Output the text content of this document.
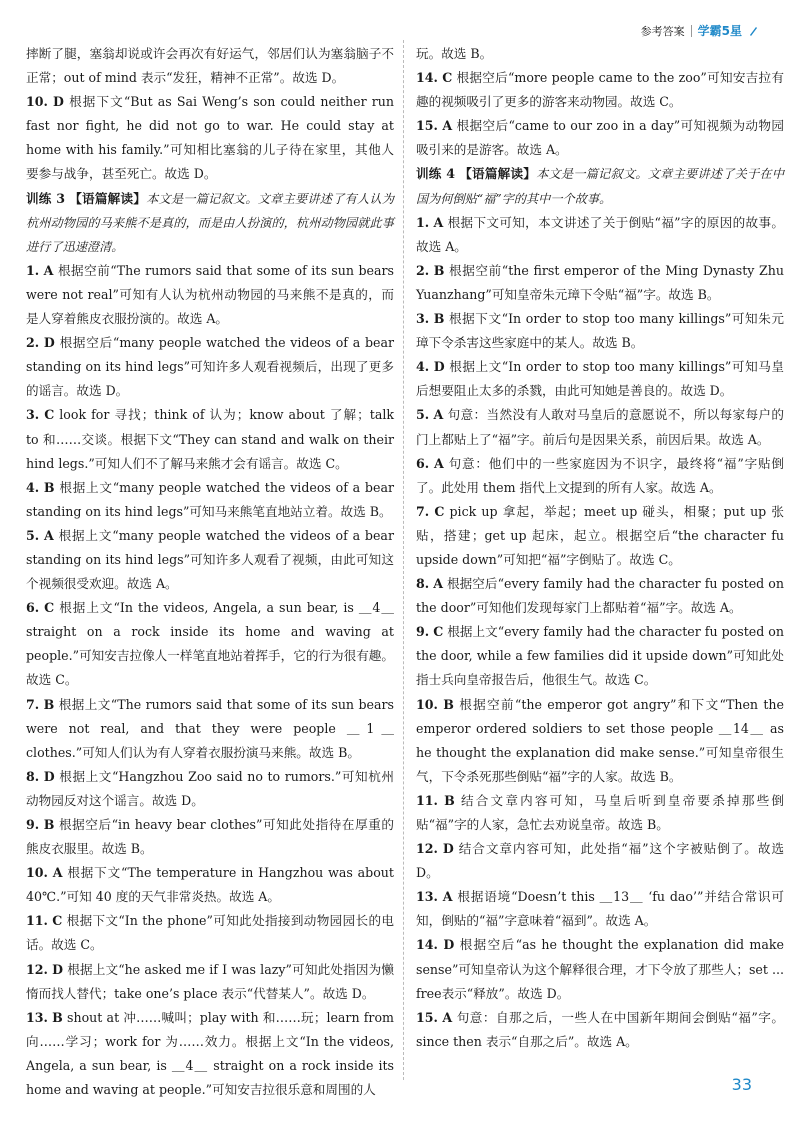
参考答案 学霸5星

摔断了腿，塞翁却说或许会再次有好运气，邻居们认为塞翁脑子不正常；out of mind 表示“发狂，精神不正常”。故选 D。

10. D 根据下文“But as Sai Weng’s son could neither run fast nor fight, he did not go to war. He could stay at home with his family.”可知相比塞翁的儿子待在家里，其他人要参与战争，甚至死亡。故选 D。

训练 3 【语篇解读】本文是一篇记叙文。文章主要讲述了有人认为杭州动物园的马来熊不是真的，而是由人扮演的，杭州动物园就此事进行了迅速澄清。

1. A 根据空前“The rumors said that some of its sun bears were not real”可知有人认为杭州动物园的马来熊不是真的，而是人穿着熊皮衣服扮演的。故选 A。

2. D 根据空后“many people watched the videos of a bear standing on its hind legs”可知许多人观看视频后，出现了更多的谣言。故选 D。

3. C look for 寻找；think of 认为；know about 了解；talk to 和……交谈。根据下文“They can stand and walk on their hind legs.”可知人们不了解马来熊才会有谣言。故选 C。

4. B 根据上文“many people watched the videos of a bear standing on its hind legs”可知马来熊笔直地站立着。故选 B。

5. A 根据上文“many people watched the videos of a bear standing on its hind legs”可知许多人观看了视频，由此可知这个视频很受欢迎。故选 A。

6. C 根据上文“In the videos, Angela, a sun bear, is ＿4＿ straight on a rock inside its home and waving at people.”可知安吉拉像人一样笔直地站着挥手，它的行为很有趣。故选 C。

7. B 根据上文“The rumors said that some of its sun bears were not real, and that they were people ＿1＿ clothes.”可知人们认为有人穿着衣服扮演马来熊。故选 B。

8. D 根据上文“Hangzhou Zoo said no to rumors.”可知杭州动物园反对这个谣言。故选 D。

9. B 根据空后“in heavy bear clothes”可知此处指待在厚重的熊皮衣服里。故选 B。

10. A 根据下文“The temperature in Hangzhou was about 40℃.”可知 40 度的天气非常炎热。故选 A。

11. C 根据下文“In the phone”可知此处指接到动物园园长的电话。故选 C。

12. D 根据上文“he asked me if I was lazy”可知此处指因为懒惰而找人替代；take one’s place 表示“代替某人”。故选 D。

13. B shout at 冲……喊叫；play with 和……玩；learn from 向……学习；work for 为……效力。根据上文“In the videos, Angela, a sun bear, is ＿4＿ straight on a rock inside its home and waving at people.”可知安吉拉很乐意和周围的人

玩。故选 B。

14. C 根据空后“more people came to the zoo”可知安吉拉有趣的视频吸引了更多的游客来动物园。故选 C。

15. A 根据空后“came to our zoo in a day”可知视频为动物园吸引来的是游客。故选 A。

训练 4 【语篇解读】本文是一篇记叙文。文章主要讲述了关于在中国为何倒贴“福”字的其中一个故事。

1. A 根据下文可知，本文讲述了关于倒贴“福”字的原因的故事。故选 A。

2. B 根据空前“the first emperor of the Ming Dynasty Zhu Yuanzhang”可知皇帝朱元璋下令贴“福”字。故选 B。

3. B 根据下文“In order to stop too many killings”可知朱元璋下令杀害这些家庭中的某人。故选 B。

4. D 根据上文“In order to stop too many killings”可知马皇后想要阻止太多的杀戮，由此可知她是善良的。故选 D。

5. A 句意：当然没有人敢对马皇后的意愿说不，所以每家每户的门上都贴上了“福”字。前后句是因果关系，前因后果。故选 A。

6. A 句意：他们中的一些家庭因为不识字，最终将“福”字贴倒了。此处用 them 指代上文提到的所有人家。故选 A。

7. C pick up 拿起，举起；meet up 碰头，相聚；put up 张贴，搭建；get up 起床，起立。根据空后“the character fu upside down”可知把“福”字倒贴了。故选 C。

8. A 根据空后“every family had the character fu posted on the door”可知他们发现每家门上都贴着“福”字。故选 A。

9. C 根据上文“every family had the character fu posted on the door, while a few families did it upside down”可知此处指士兵向皇帝报告后，他很生气。故选 C。

10. B 根据空前“the emperor got angry”和下文“Then the emperor ordered soldiers to set those people ＿14＿ as he thought the explanation did make sense.”可知皇帝很生气，下令杀死那些倒贴“福”字的人家。故选 B。

11. B 结合文章内容可知，马皇后听到皇帝要杀掉那些倒贴“福”字的人家，急忙去劝说皇帝。故选 B。

12. D 结合文章内容可知，此处指“福”这个字被贴倒了。故选 D。

13. A 根据语境“Doesn’t this ＿13＿ ‘fu dao’”并结合常识可知，倒贴的“福”字意味着“福到”。故选 A。

14. D 根据空后“as he thought the explanation did make sense”可知皇帝认为这个解释很合理，才下令放了那些人；set ... free表示“释放”。故选 D。

15. A 句意：自那之后，一些人在中国新年期间会倒贴“福”字。since then 表示“自那之后”。故选 A。

33
